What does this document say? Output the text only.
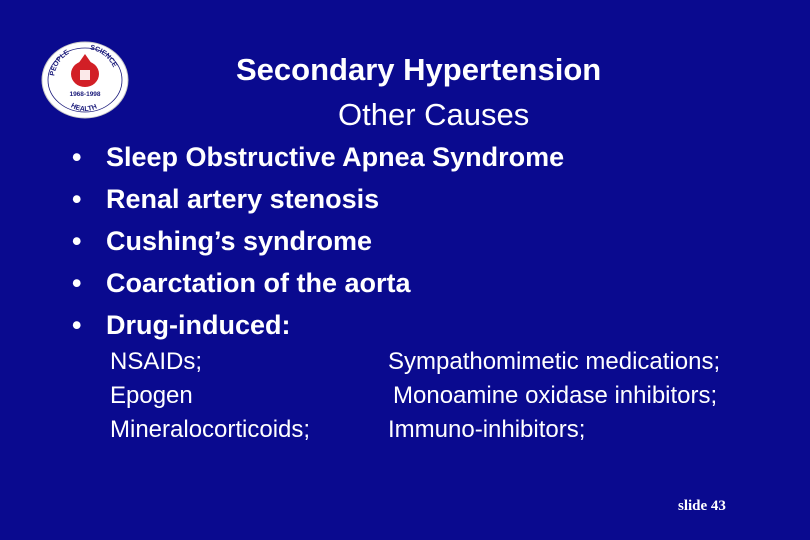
PEOPLE
SCIENCE
HEALTH
1968-1998
Secondary Hypertension
Other Causes
• Sleep Obstructive Apnea Syndrome
• Renal artery stenosis
• Cushing’s syndrome
• Coarctation of the aorta
• Drug-induced:
NSAIDs;
Epogen
Mineralocorticoids;
Sympathomimetic medications;
Monoamine oxidase inhibitors;
Immuno-inhibitors;
slide 43
